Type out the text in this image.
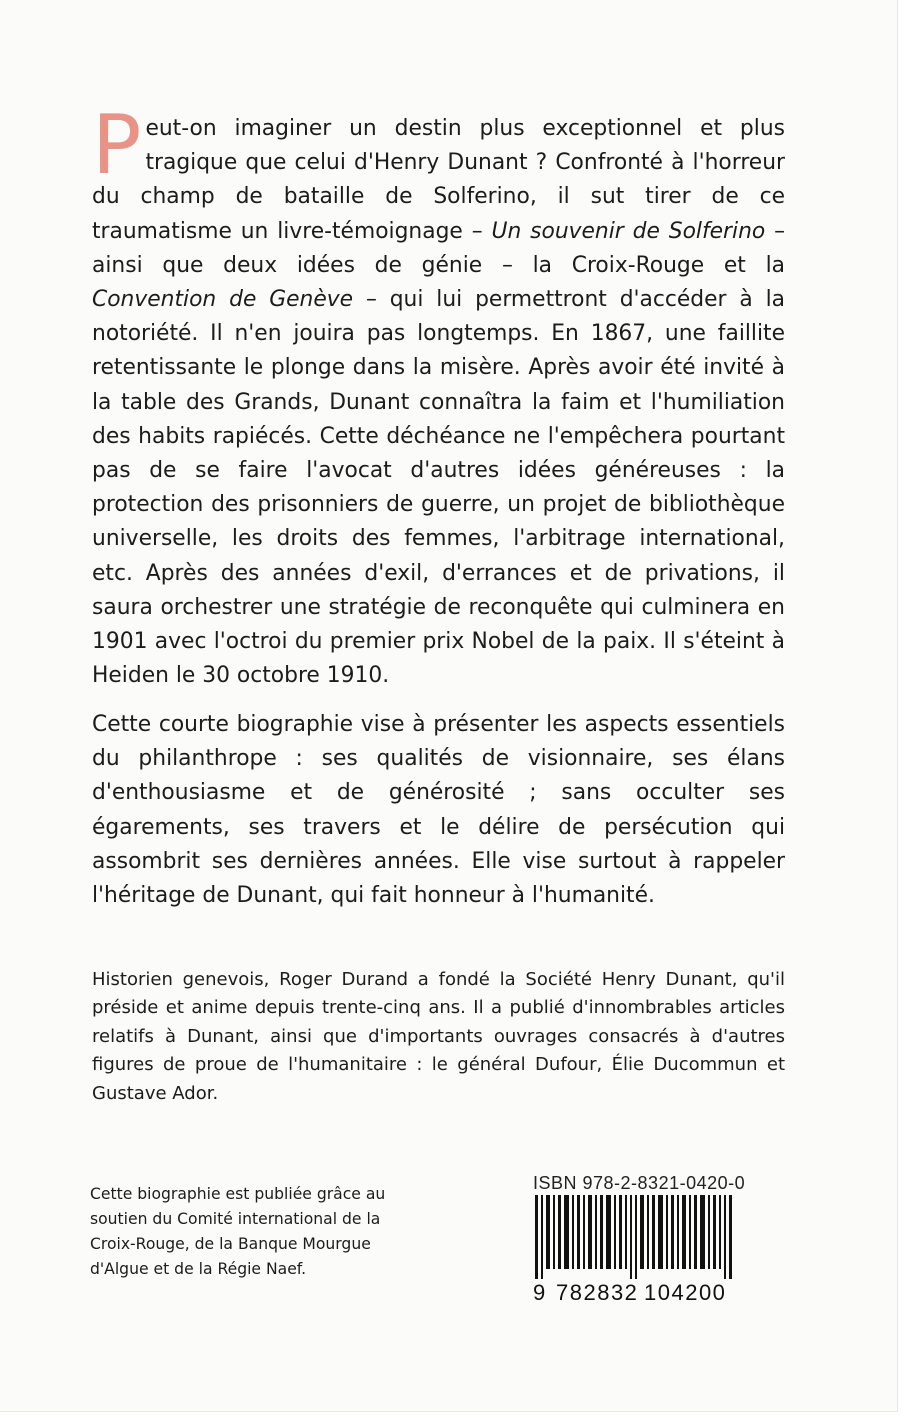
Peut-on imaginer un destin plus exceptionnel et plus tragique que celui d'Henry Dunant ? Confronté à l'horreur du champ de bataille de Solferino, il sut tirer de ce traumatisme un livre-témoignage – Un souvenir de Solferino – ainsi que deux idées de génie – la Croix-Rouge et la Convention de Genève – qui lui permettront d'accéder à la notoriété. Il n'en jouira pas longtemps. En 1867, une faillite retentissante le plonge dans la misère. Après avoir été invité à la table des Grands, Dunant connaîtra la faim et l'humiliation des habits rapiécés. Cette déchéance ne l'empêchera pourtant pas de se faire l'avocat d'autres idées généreuses : la protection des prisonniers de guerre, un projet de bibliothèque universelle, les droits des femmes, l'arbitrage international, etc. Après des années d'exil, d'errances et de privations, il saura orchestrer une stratégie de reconquête qui culminera en 1901 avec l'octroi du premier prix Nobel de la paix. Il s'éteint à Heiden le 30 octobre 1910.

Cette courte biographie vise à présenter les aspects essentiels du philanthrope : ses qualités de visionnaire, ses élans d'enthousiasme et de générosité ; sans occulter ses égarements, ses travers et le délire de persécution qui assombrit ses dernières années. Elle vise surtout à rappeler l'héritage de Dunant, qui fait honneur à l'humanité.

Historien genevois, Roger Durand a fondé la Société Henry Dunant, qu'il préside et anime depuis trente-cinq ans. Il a publié d'innombrables articles relatifs à Dunant, ainsi que d'importants ouvrages consacrés à d'autres figures de proue de l'humanitaire : le général Dufour, Élie Ducommun et Gustave Ador.

Cette biographie est publiée grâce au soutien du Comité international de la Croix-Rouge, de la Banque Mourgue d'Algue et de la Régie Naef.

ISBN 978-2-8321-0420-0
9 782832 104200
